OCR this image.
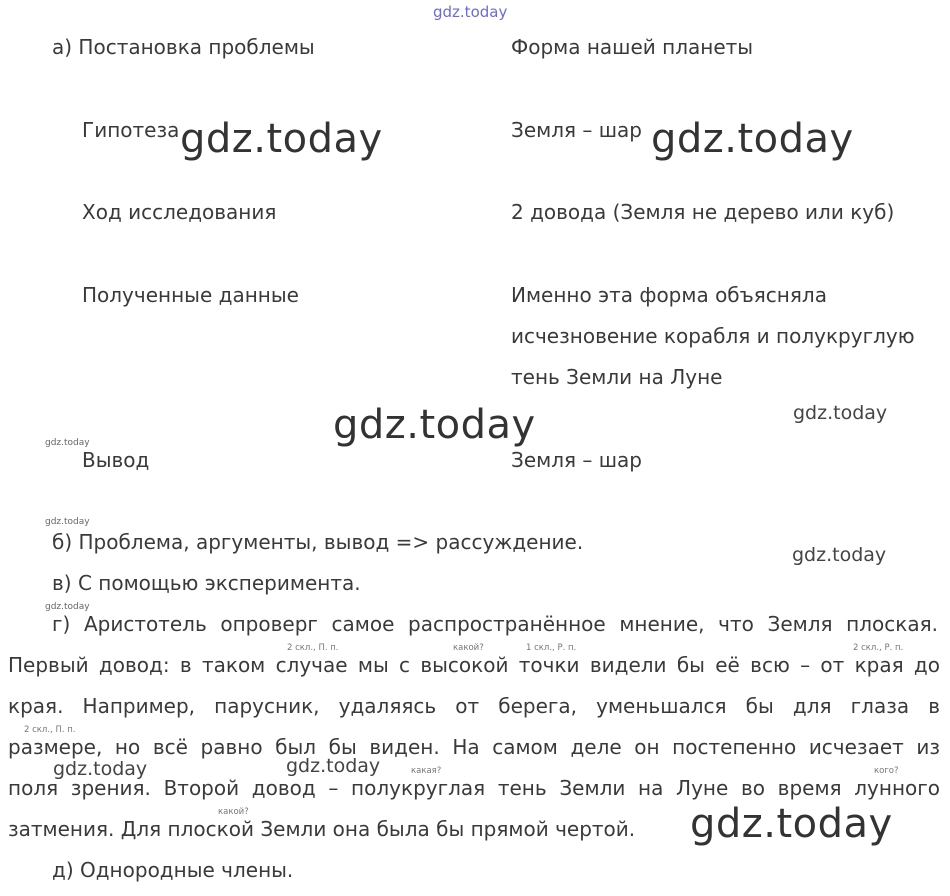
gdz.today
а) Постановка проблемы	Форма нашей планеты
Гипотеза	Земля – шар
Ход исследования	2 довода (Земля не дерево или куб)
Полученные данные	Именно эта форма объясняла
исчезновение корабля и полукруглую
тень Земли на Луне
Вывод	Земля – шар
б) Проблема, аргументы, вывод => рассуждение.
в) С помощью эксперимента.
г) Аристотель опроверг самое распространённое мнение, что Земля плоская.
Первый довод: в таком случае мы с высокой точки видели бы её всю – от края до
края. Например, парусник, удаляясь от берега, уменьшался бы для глаза в
размере, но всё равно был бы виден. На самом деле он постепенно исчезает из
поля зрения. Второй довод – полукруглая тень Земли на Луне во время лунного
затмения. Для плоской Земли она была бы прямой чертой.
д) Однородные члены.
2 скл., П. п.	какой?	1 скл., Р. п.	2 скл., Р. п.
2 скл., П. п.
какая?	кого?
какой?
gdz.today	gdz.today
gdz.today
gdz.today
gdz.today
gdz.today
gdz.today	gdz.today
gdz.today
gdz.today
gdz.today
